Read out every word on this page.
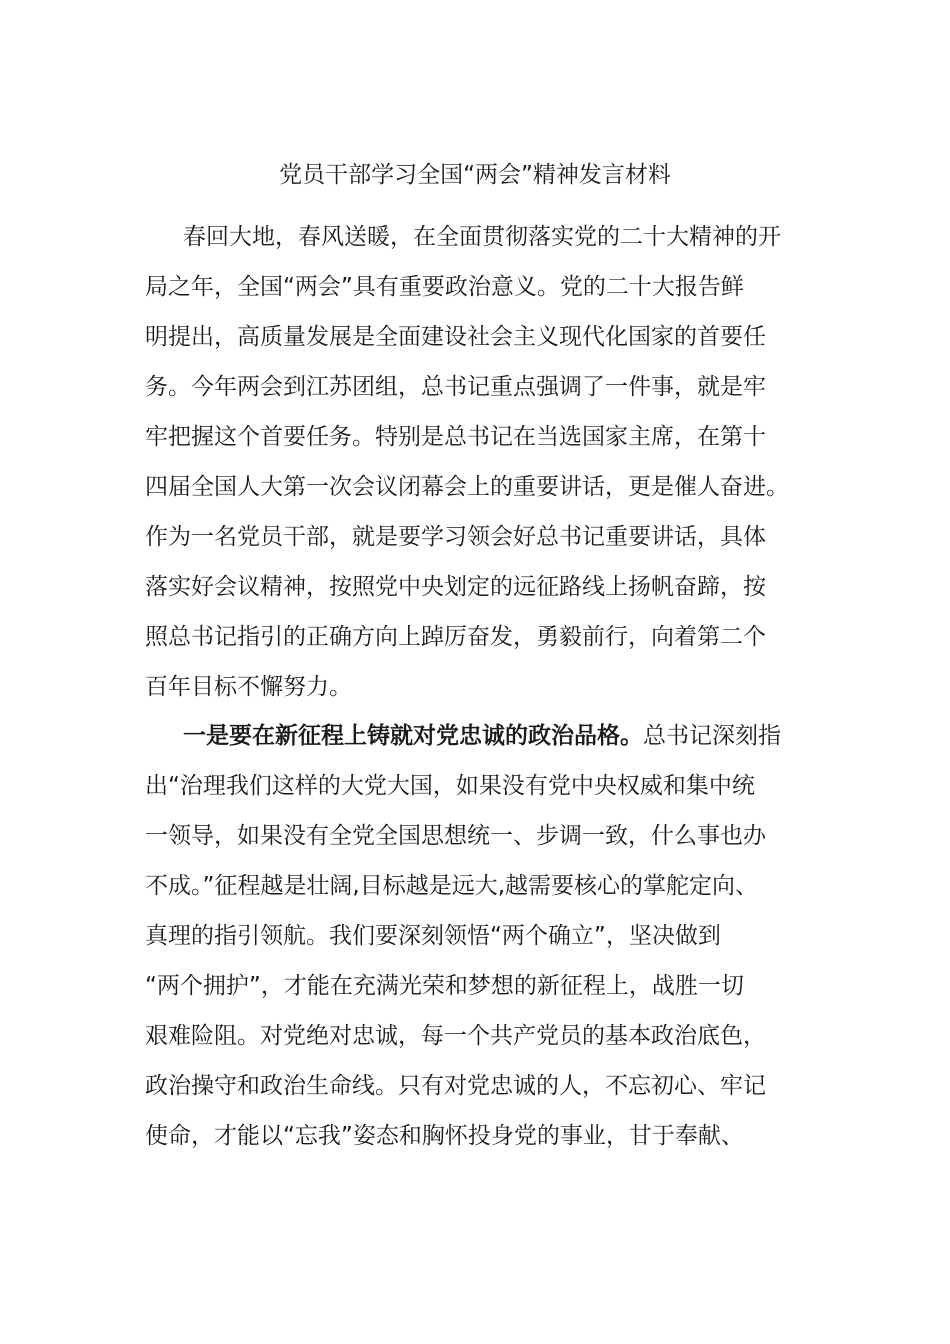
党员干部学习全国“两会”精神发言材料
春回大地，春风送暖，在全面贯彻落实党的二十大精神的开
局之年，全国“两会”具有重要政治意义。党的二十大报告鲜
明提出，高质量发展是全面建设社会主义现代化国家的首要任
务。今年两会到江苏团组，总书记重点强调了一件事，就是牢
牢把握这个首要任务。特别是总书记在当选国家主席，在第十
四届全国人大第一次会议闭幕会上的重要讲话，更是催人奋进。
作为一名党员干部，就是要学习领会好总书记重要讲话，具体
落实好会议精神，按照党中央划定的远征路线上扬帆奋蹄，按
照总书记指引的正确方向上踔厉奋发，勇毅前行，向着第二个
百年目标不懈努力。
一是要在新征程上铸就对党忠诚的政治品格。总书记深刻指
出“治理我们这样的大党大国，如果没有党中央权威和集中统
一领导，如果没有全党全国思想统一、步调一致，什么事也办
不成。”征程越是壮阔,目标越是远大,越需要核心的掌舵定向、
真理的指引领航。我们要深刻领悟“两个确立”，坚决做到
“两个拥护”，才能在充满光荣和梦想的新征程上，战胜一切
艰难险阻。对党绝对忠诚，每一个共产党员的基本政治底色，
政治操守和政治生命线。只有对党忠诚的人，不忘初心、牢记
使命，才能以“忘我”姿态和胸怀投身党的事业，甘于奉献、
